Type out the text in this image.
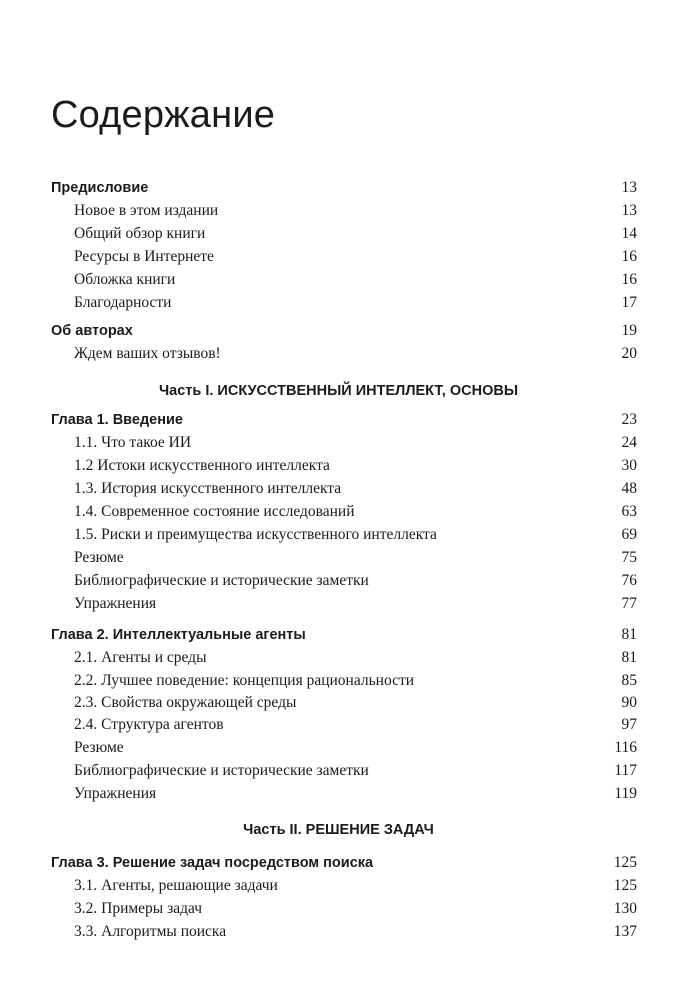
Содержание
Предисловие	13
Новое в этом издании	13
Общий обзор книги	14
Ресурсы в Интернете	16
Обложка книги	16
Благодарности	17
Об авторах	19
Ждем ваших отзывов!	20
Часть I. ИСКУССТВЕННЫЙ ИНТЕЛЛЕКТ, ОСНОВЫ
Глава 1. Введение	23
1.1. Что такое ИИ	24
1.2 Истоки искусственного интеллекта	30
1.3. История искусственного интеллекта	48
1.4. Современное состояние исследований	63
1.5. Риски и преимущества искусственного интеллекта	69
Резюме	75
Библиографические и исторические заметки	76
Упражнения	77
Глава 2. Интеллектуальные агенты	81
2.1. Агенты и среды	81
2.2. Лучшее поведение: концепция рациональности	85
2.3. Свойства окружающей среды	90
2.4. Структура агентов	97
Резюме	116
Библиографические и исторические заметки	117
Упражнения	119
Часть II. РЕШЕНИЕ ЗАДАЧ
Глава 3. Решение задач посредством поиска	125
3.1. Агенты, решающие задачи	125
3.2. Примеры задач	130
3.3. Алгоритмы поиска	137
